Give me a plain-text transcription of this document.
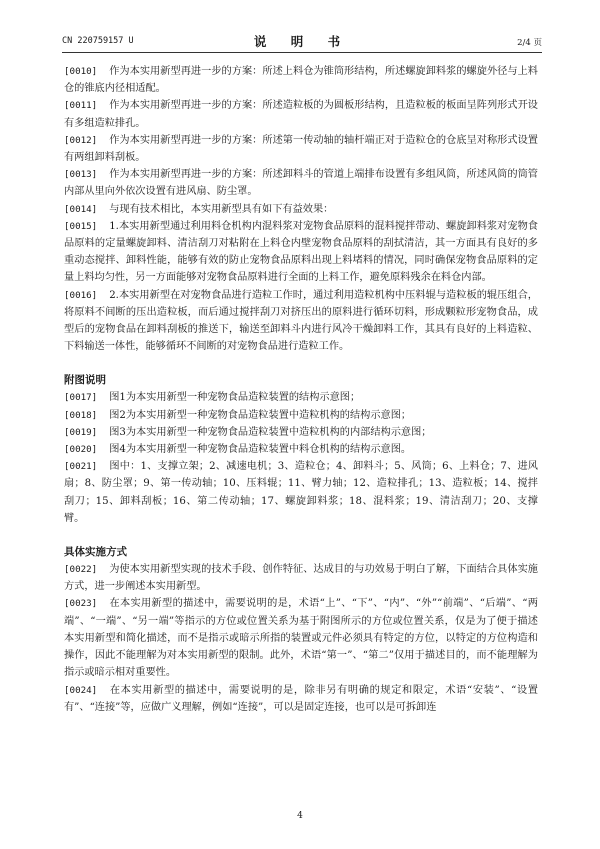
CN 220759157 U	说 明 书	2/4 页

[0010] 作为本实用新型再进一步的方案：所述上料仓为锥筒形结构，所述螺旋卸料浆的螺旋外径与上料仓的锥底内径相适配。

[0011] 作为本实用新型再进一步的方案：所述造粒板的为圆板形结构，且造粒板的板面呈阵列形式开设有多组造粒排孔。

[0012] 作为本实用新型再进一步的方案：所述第一传动轴的轴杆端正对于造粒仓的仓底呈对称形式设置有两组卸料刮板。

[0013] 作为本实用新型再进一步的方案：所述卸料斗的管道上端排布设置有多组风筒，所述风筒的筒管内部从里向外依次设置有进风扇、防尘罩。

[0014] 与现有技术相比，本实用新型具有如下有益效果：

[0015] 1.本实用新型通过利用料仓机构内混料浆对宠物食品原料的混料搅拌带动、螺旋卸料浆对宠物食品原料的定量螺旋卸料、清洁刮刀对粘附在上料仓内壁宠物食品原料的刮拭清洁，其一方面具有良好的多重动态搅拌、卸料性能，能够有效的防止宠物食品原料出现上料堵料的情况，同时确保宠物食品原料的定量上料均匀性，另一方面能够对宠物食品原料进行全面的上料工作，避免原料残余在料仓内部。

[0016] 2.本实用新型在对宠物食品进行造粒工作时，通过利用造粒机构中压料辊与造粒板的辊压组合，将原料不间断的压出造粒板，而后通过搅拌刮刀对挤压出的原料进行循环切料，形成颗粒形宠物食品，成型后的宠物食品在卸料刮板的推送下，输送至卸料斗内进行风冷干燥卸料工作，其具有良好的上料造粒、下料输送一体性，能够循环不间断的对宠物食品进行造粒工作。

附图说明

[0017] 图1为本实用新型一种宠物食品造粒装置的结构示意图；

[0018] 图2为本实用新型一种宠物食品造粒装置中造粒机构的结构示意图；

[0019] 图3为本实用新型一种宠物食品造粒装置中造粒机构的内部结构示意图；

[0020] 图4为本实用新型一种宠物食品造粒装置中料仓机构的结构示意图。

[0021] 图中：1、支撑立架；2、减速电机；3、造粒仓；4、卸料斗；5、风筒；6、上料仓；7、进风扇；8、防尘罩；9、第一传动轴；10、压料辊；11、臂力轴；12、造粒排孔；13、造粒板；14、搅拌刮刀；15、卸料刮板；16、第二传动轴；17、螺旋卸料浆；18、混料浆；19、清洁刮刀；20、支撑臂。

具体实施方式

[0022] 为使本实用新型实现的技术手段、创作特征、达成目的与功效易于明白了解，下面结合具体实施方式，进一步阐述本实用新型。

[0023] 在本实用新型的描述中，需要说明的是，术语“上”、“下”、“内”、“外”“前端”、“后端”、“两端”、“一端”、“另一端”等指示的方位或位置关系为基于附图所示的方位或位置关系，仅是为了便于描述本实用新型和简化描述，而不是指示或暗示所指的装置或元件必须具有特定的方位，以特定的方位构造和操作，因此不能理解为对本实用新型的限制。此外，术语“第一”、“第二”仅用于描述目的，而不能理解为指示或暗示相对重要性。

[0024] 在本实用新型的描述中，需要说明的是，除非另有明确的规定和限定，术语“安装”、“设置有”、“连接”等，应做广义理解，例如“连接”，可以是固定连接，也可以是可拆卸连

4
